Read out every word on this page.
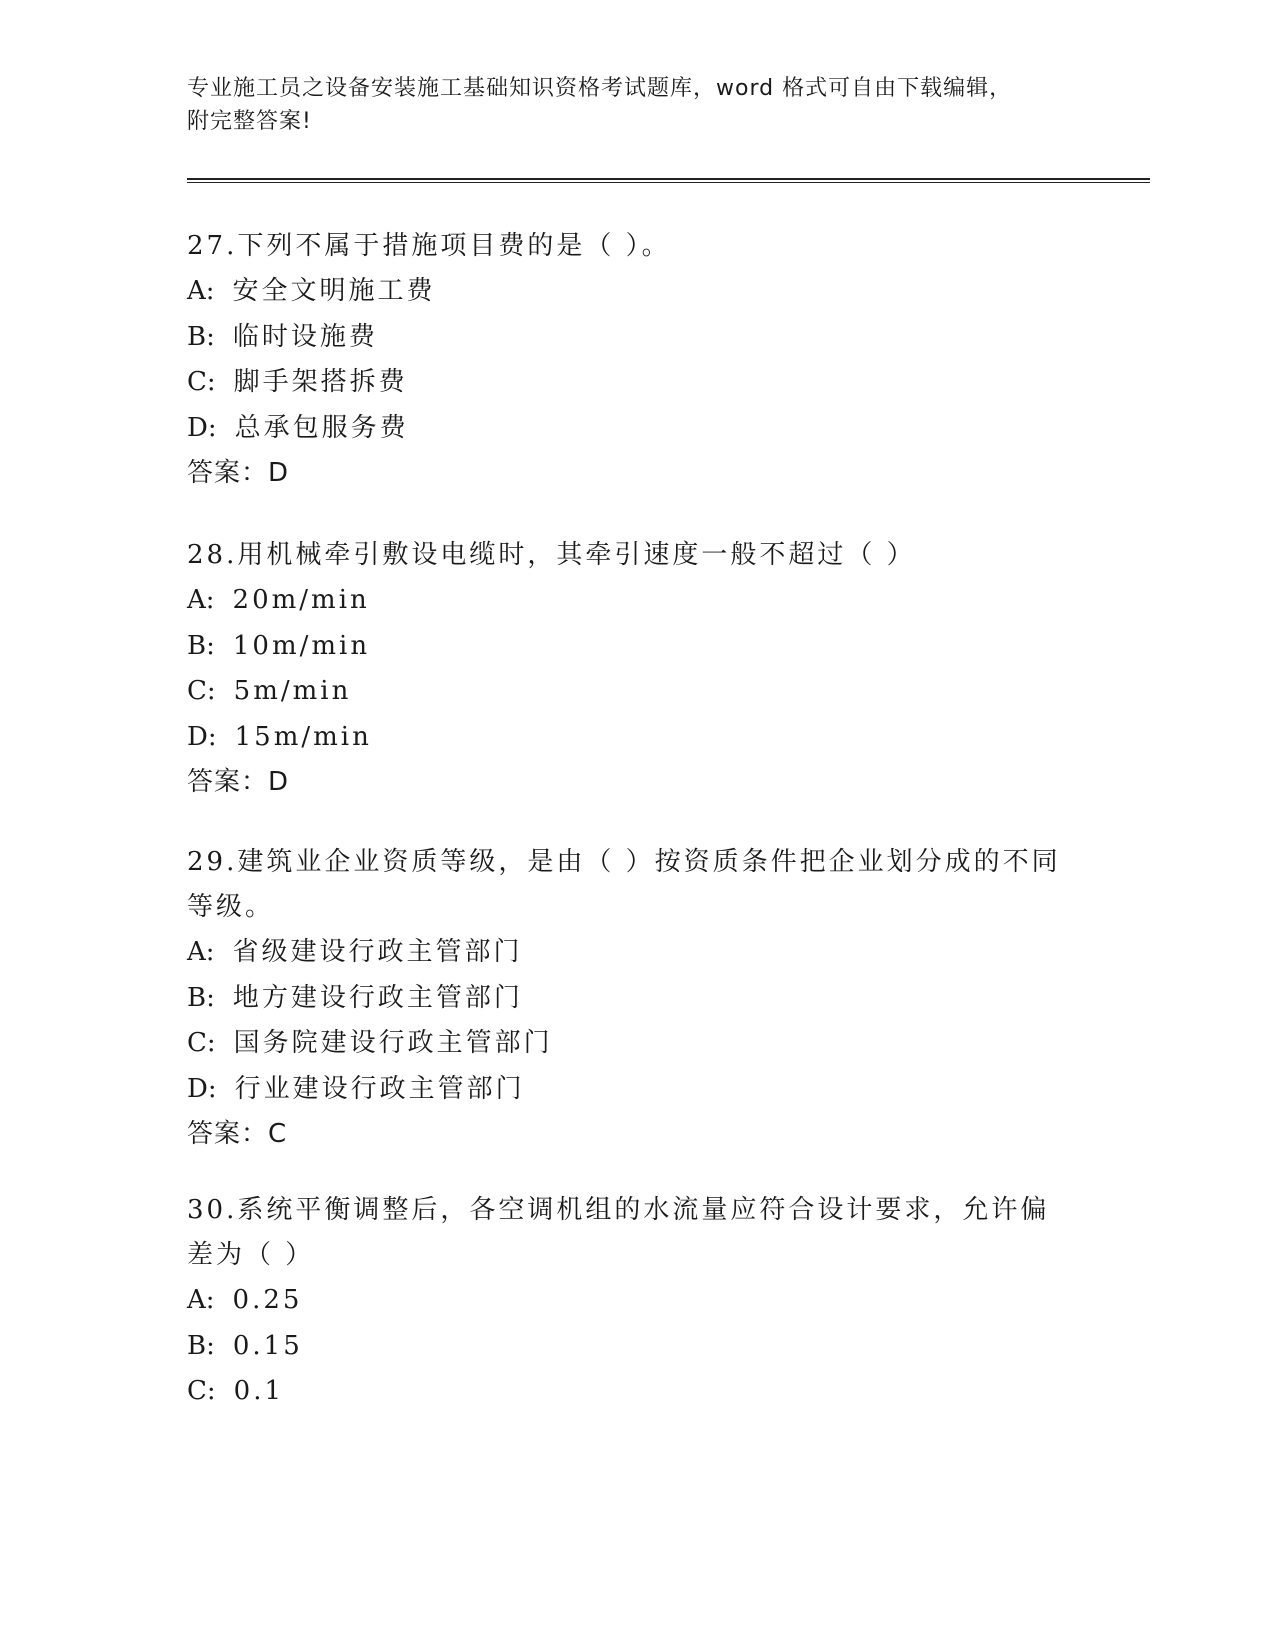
专业施工员之设备安装施工基础知识资格考试题库，word 格式可自由下载编辑，
附完整答案!

27.下列不属于措施项目费的是（ ）。

A: 安全文明施工费
B: 临时设施费
C: 脚手架搭拆费
D: 总承包服务费
答案：D

28.用机械牵引敷设电缆时，其牵引速度一般不超过（ ）

A: 20m/min
B: 10m/min
C: 5m/min
D: 15m/min
答案：D

29.建筑业企业资质等级，是由（ ）按资质条件把企业划分成的不同等级。

A: 省级建设行政主管部门
B: 地方建设行政主管部门
C: 国务院建设行政主管部门
D: 行业建设行政主管部门
答案：C

30.系统平衡调整后，各空调机组的水流量应符合设计要求，允许偏差为（ ）

A: 0.25
B: 0.15
C: 0.1
